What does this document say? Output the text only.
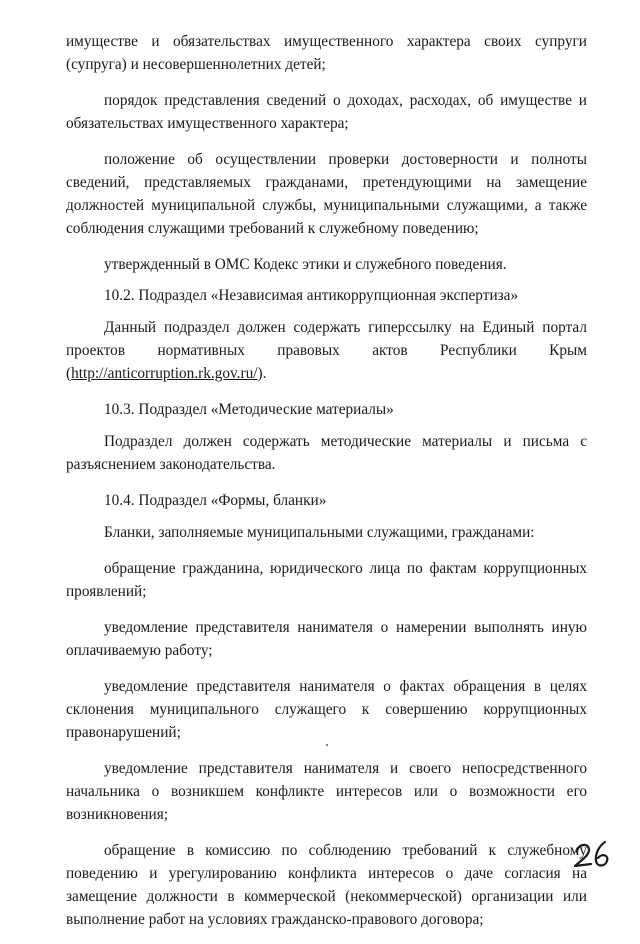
имуществе и обязательствах имущественного характера своих супруги (супруга) и несовершеннолетних детей;

порядок представления сведений о доходах, расходах, об имуществе и обязательствах имущественного характера;

положение об осуществлении проверки достоверности и полноты сведений, представляемых гражданами, претендующими на замещение должностей муниципальной службы, муниципальными служащими, а также соблюдения служащими требований к служебному поведению;

утвержденный в ОМС Кодекс этики и служебного поведения.

10.2. Подраздел «Независимая антикоррупционная экспертиза»

Данный подраздел должен содержать гиперссылку на Единый портал проектов нормативных правовых актов Республики Крым (http://anticorruption.rk.gov.ru/).

10.3. Подраздел «Методические материалы»

Подраздел должен содержать методические материалы и письма с разъяснением законодательства.

10.4. Подраздел «Формы, бланки»

Бланки, заполняемые муниципальными служащими, гражданами:

обращение гражданина, юридического лица по фактам коррупционных проявлений;

уведомление представителя нанимателя о намерении выполнять иную оплачиваемую работу;

уведомление представителя нанимателя о фактах обращения в целях склонения муниципального служащего к совершению коррупционных правонарушений;

уведомление представителя нанимателя и своего непосредственного начальника о возникшем конфликте интересов или о возможности его возникновения;

обращение в комиссию по соблюдению требований к служебному поведению и урегулированию конфликта интересов о даче согласия на замещение должности в коммерческой (некоммерческой) организации или выполнение работ на условиях гражданско-правового договора;
